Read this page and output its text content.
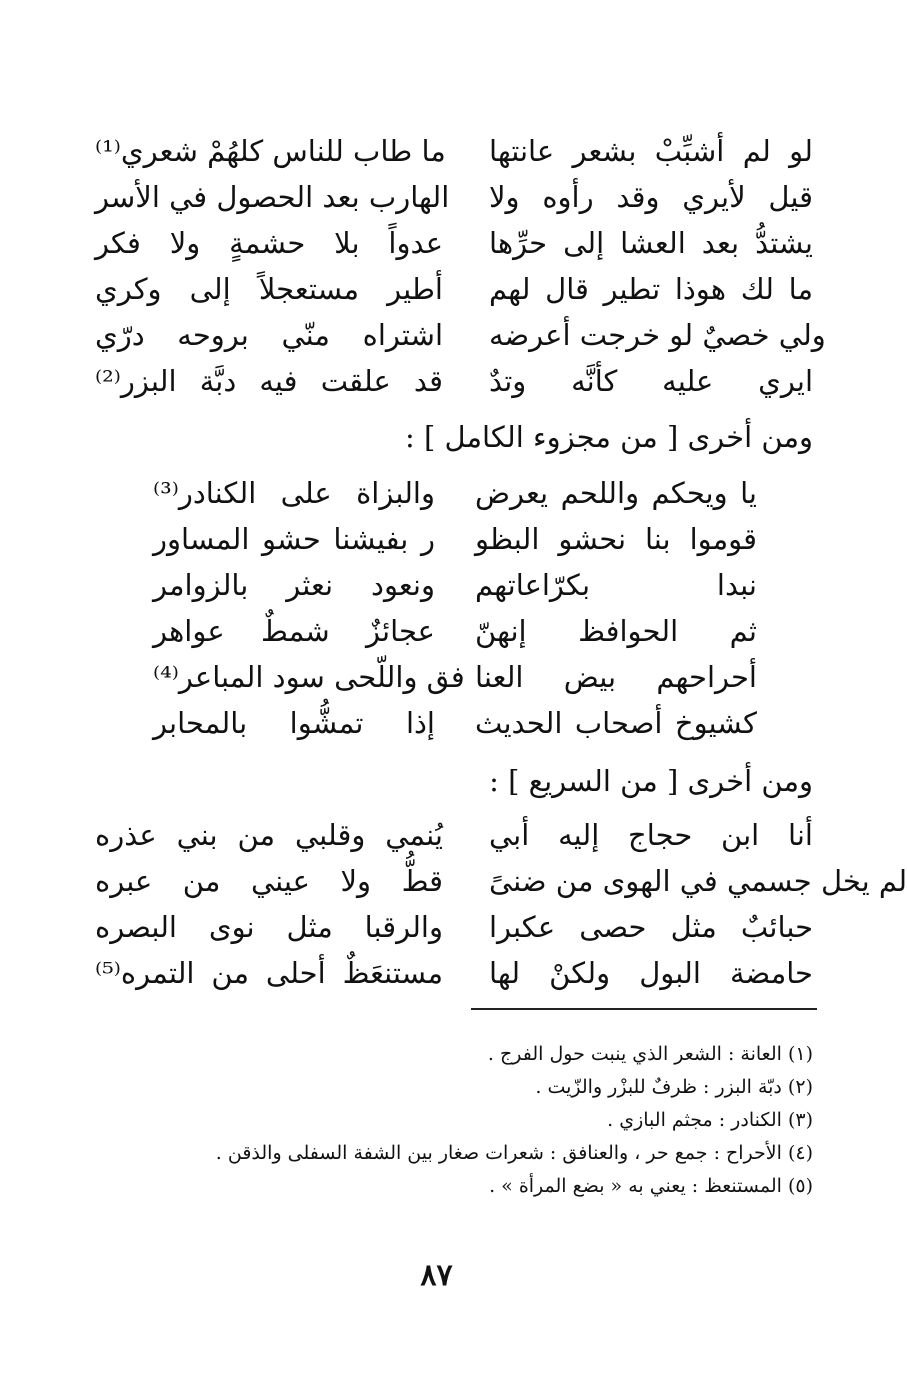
لو لم أشبِّبْ بشعر عانتها
ما طاب للناس كلهُمْ شعري⁽¹⁾
قيل لأيري وقد رأوه ولا
الهارب بعد الحصول في الأسر
يشتدُّ بعد العشا إلى حرِّها
عدواً بلا حشمةٍ ولا فكر
ما لك هوذا تطير قال لهم
أطير مستعجلاً إلى وكري
ولي خصيٌ لو خرجت أعرضه
اشتراه منّي بروحه درّي
ايري عليه كأنَّه وتدٌ
قد علقت فيه دبَّة البزر⁽²⁾
ومن أخرى [ من مجزوء الكامل ] :
يا ويحكم واللحم يعرض
والبزاة على الكنادر⁽³⁾
قوموا بنا نحشو البظو
ر بفيشنا حشو المساور
نبدا بكرّاعاتهم
ونعود نعثر بالزوامر
ثم الحوافظ إنهنّ
عجائزٌ شمطٌ عواهر
أحراحهم بيض العنا
فق واللّحى سود المباعر⁽⁴⁾
كشيوخ أصحاب الحديث
إذا تمشُّوا بالمحابر
ومن أخرى [ من السريع ] :
أنا ابن حجاج إليه أبي
يُنمي وقلبي من بني عذره
لم يخل جسمي في الهوى من ضنىً
قطُّ ولا عيني من عبره
حبائبٌ مثل حصى عكبرا
والرقبا مثل نوى البصره
حامضة البول ولكنْ لها
مستنعَظٌ أحلى من التمره⁽⁵⁾
(١) العانة : الشعر الذي ينبت حول الفرج .
(٢) دبّة البزر : ظرفٌ للبزْر والزّيت .
(٣) الكنادر : مجثم البازي .
(٤) الأحراح : جمع حر ، والعنافق : شعرات صغار بين الشفة السفلى والذقن .
(٥) المستنعظ : يعني به « بضع المرأة » .
٨٧
